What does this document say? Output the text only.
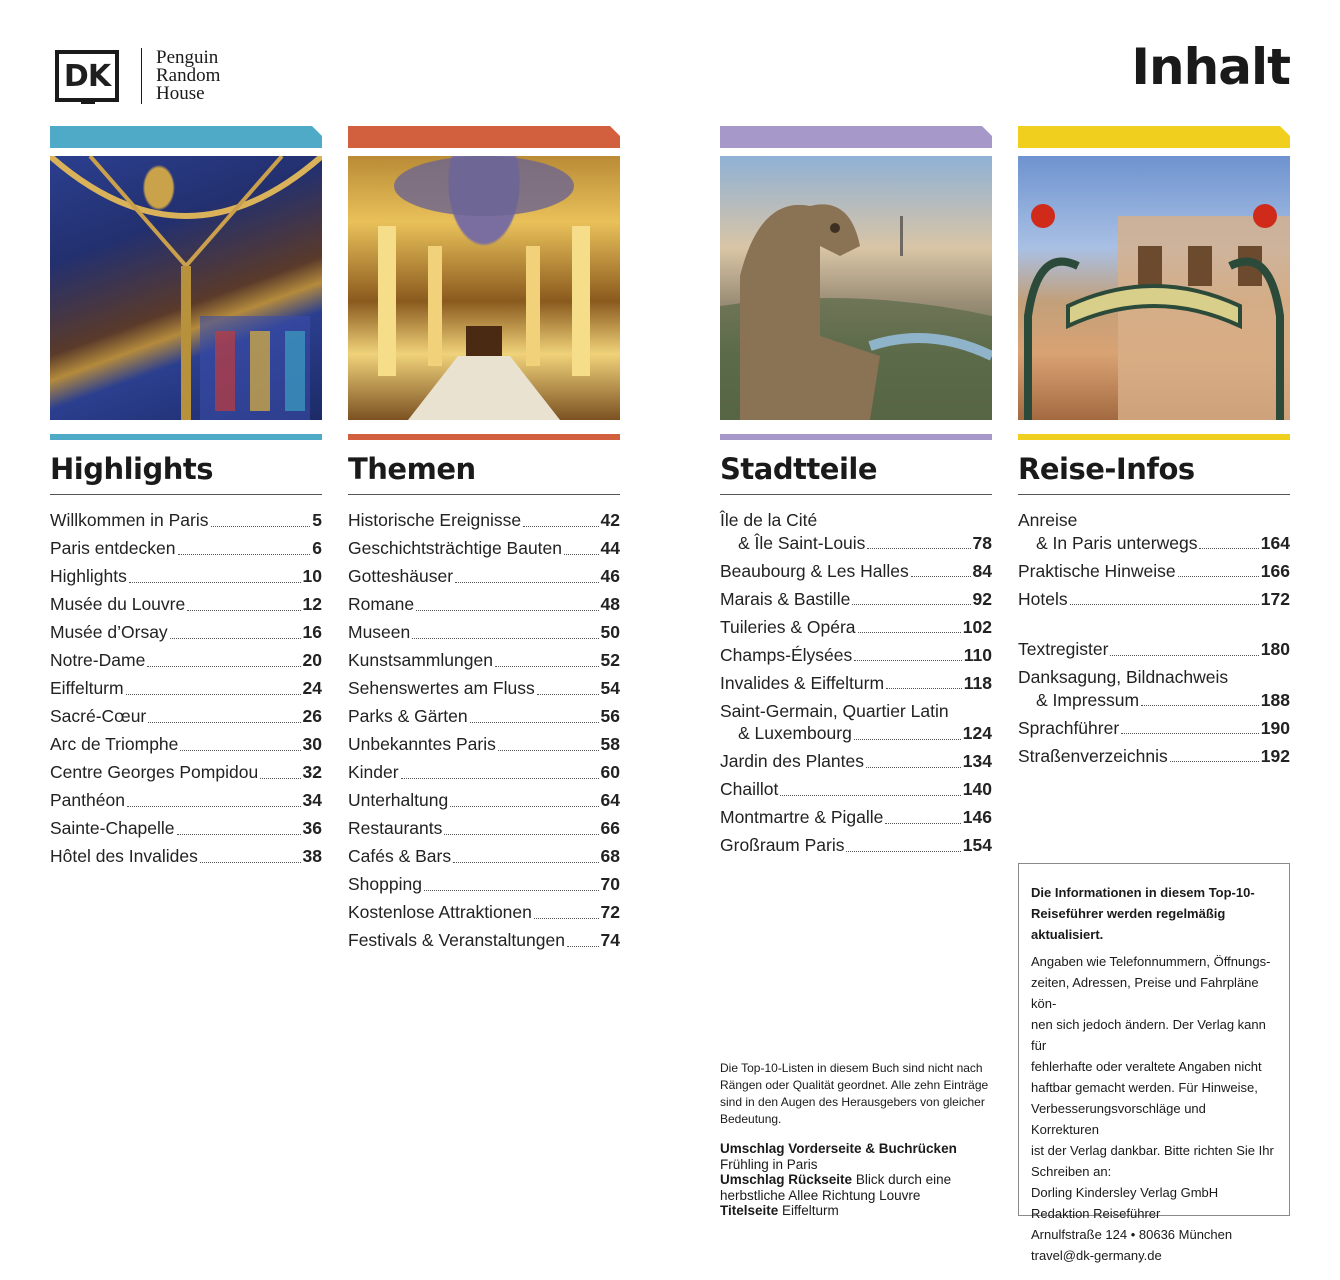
DK
Penguin
Random
House	Inhalt
Highlights
Willkommen in Paris	5
Paris entdecken	6
Highlights	10
Musée du Louvre	12
Musée d’Orsay	16
Notre-Dame	20
Eiffelturm	24
Sacré-Cœur	26
Arc de Triomphe	30
Centre Georges Pompidou	32
Panthéon	34
Sainte-Chapelle	36
Hôtel des Invalides	38
Themen
Historische Ereignisse	42
Geschichtsträchtige Bauten 44
Gotteshäuser	46
Romane	48
Museen	50
Kunstsammlungen	52
Sehenswertes am Fluss	54
Parks & Gärten	56
Unbekanntes Paris	58
Kinder	60
Unterhaltung	64
Restaurants	66
Cafés & Bars	68
Shopping	70
Kostenlose Attraktionen	72
Festivals & Veranstaltungen 74
Stadtteile
Île de la Cité
& Île Saint-Louis	78
Beaubourg & Les Halles	84
Marais & Bastille	92
Tuileries & Opéra	102
Champs-Élysées	110
Invalides & Eiffelturm	118
Saint-Germain, Quartier Latin
& Luxembourg	124
Jardin des Plantes	134
Chaillot	140
Montmartre & Pigalle	146
Großraum Paris	154
Reise-Infos
Anreise
& In Paris unterwegs	164
Praktische Hinweise	166
Hotels	172
Textregister	180
Danksagung, Bildnachweis
& Impressum	188
Sprachführer	190
Straßenverzeichnis	192

Die Informationen in diesem Top-10-

Reiseführer werden regelmäßig

aktualisiert.

Angaben wie Telefonnummern, Öffnungs-

zeiten, Adressen, Preise und Fahrpläne kön-

nen sich jedoch ändern. Der Verlag kann für

fehlerhafte oder veraltete Angaben nicht

haftbar gemacht werden. Für Hinweise,

Verbesserungsvorschläge und Korrekturen

ist der Verlag dankbar. Bitte richten Sie Ihr

Schreiben an:

Dorling Kindersley Verlag GmbH

Redaktion Reiseführer

Arnulfstraße 124 • 80636 München

travel@dk-germany.de

Die Top-10-Listen in diesem Buch sind nicht nach
Rängen oder Qualität geordnet. Alle zehn Einträge
sind in den Augen des Herausgebers von gleicher
Bedeutung.
Umschlag Vorderseite & Buchrücken
Frühling in Paris
Umschlag Rückseite Blick durch eine
herbstliche Allee Richtung Louvre
Titelseite Eiffelturm
